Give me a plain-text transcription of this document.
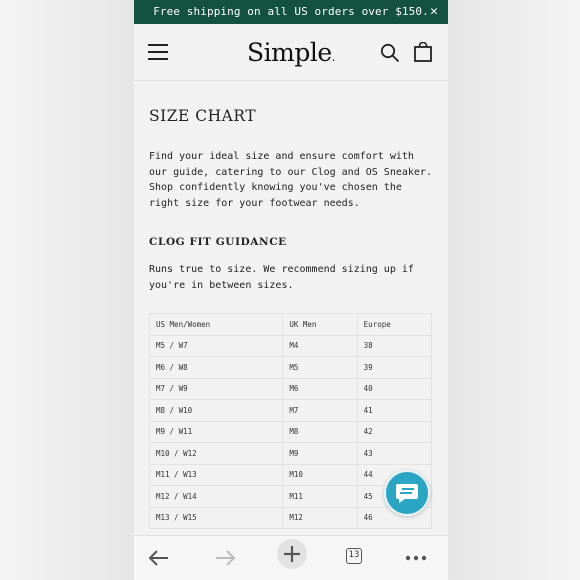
Free shipping on all US orders over $150. ✕
Simple.
SIZE CHART

Find your ideal size and ensure comfort with our guide, catering to our Clog and OS Sneaker. Shop confidently knowing you've chosen the right size for your footwear needs.

CLOG FIT GUIDANCE

Runs true to size. We recommend sizing up if you're in between sizes.

US Men/Women	UK Men	Europe
M5 / W7	M4	38
M6 / W8	M5	39
M7 / W9	M6	40
M8 / W10	M7	41
M9 / W11	M8	42
M10 / W12	M9	43
M11 / W13	M10	44
M12 / W14	M11	45
M13 / W15	M12	46
13
